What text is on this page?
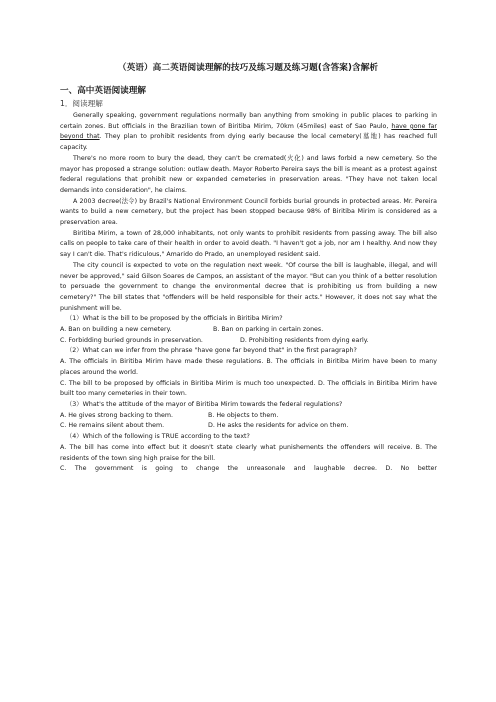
（英语）高二英语阅读理解的技巧及练习题及练习题(含答案)含解析
一、高中英语阅读理解
1．阅读理解

Generally speaking, government regulations normally ban anything from smoking in public places to parking in certain zones. But officials in the Brazilian town of Biritiba Mirim, 70km (45miles) east of Sao Paulo, have gone far beyond that. They plan to prohibit residents from dying early because the local cemetery(墓地) has reached full capacity.

There's no more room to bury the dead, they can't be cremated(火化) and laws forbid a new cemetery. So the mayor has proposed a strange solution: outlaw death. Mayor Roberto Pereira says the bill is meant as a protest against federal regulations that prohibit new or expanded cemeteries in preservation areas. "They have not taken local demands into consideration", he claims.

A 2003 decree(法令) by Brazil's National Environment Council forbids burial grounds in protected areas. Mr. Pereira wants to build a new cemetery, but the project has been stopped because 98% of Biritiba Mirim is considered as a preservation area.

Biritiba Mirim, a town of 28,000 inhabitants, not only wants to prohibit residents from passing away. The bill also calls on people to take care of their health in order to avoid death. "I haven't got a job, nor am I healthy. And now they say I can't die. That's ridiculous," Amarido do Prado, an unemployed resident said.

The city council is expected to vote on the regulation next week. "Of course the bill is laughable, illegal, and will never be approved," said Gilson Soares de Campos, an assistant of the mayor. "But can you think of a better resolution to persuade the government to change the environmental decree that is prohibiting us from building a new cemetery?" The bill states that "offenders will be held responsible for their acts." However, it does not say what the punishment will be.

（1）What is the bill to be proposed by the officials in Biritiba Mirim?

A. Ban on building a new cemetery.	B. Ban on parking in certain zones.
C. Forbidding buried grounds in preservation.	D. Prohibiting residents from dying early.

（2）What can we infer from the phrase "have gone far beyond that" in the first paragraph?

A. The officials in Biritiba Mirim have made these regulations. B. The officials in Biritiba Mirim have been to many places around the world.

C. The bill to be proposed by officials in Biritiba Mirim is much too unexpected. D. The officials in Biritiba Mirim have built too many cemeteries in their town.

（3）What's the attitude of the mayor of Biritiba Mirim towards the federal regulations?

A. He gives strong backing to them.	B. He objects to them.
C. He remains silent about them.	D. He asks the residents for advice on them.

（4）Which of the following is TRUE according to the text?

A. The bill has come into effect but it doesn't state clearly what punishements the offenders will receive. B. The residents of the town sing high praise for the bill.

C. The government is going to change the unreasonale and laughable decree. D. No better
